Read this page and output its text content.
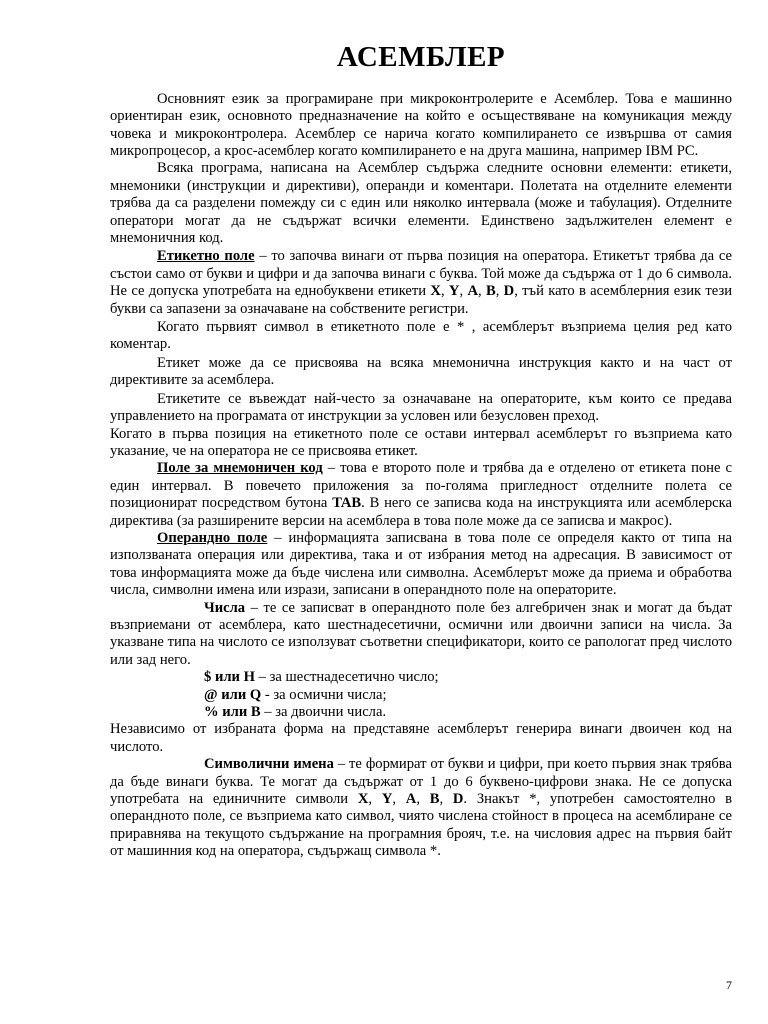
АСЕМБЛЕР

Основният език за програмиране при микроконтролерите е Асемблер. Това е машинно ориентиран език, основното предназначение на който е осъществяване на комуникация между човека и микроконтролера. Асемблер се нарича когато компилирането се извършва от самия микропроцесор, а крос-асемблер когато компилирането е на друга машина, например IBM PC.

Всяка програма, написана на Асемблер съдържа следните основни елементи: етикети, мнемоники (инструкции и директиви), операнди и коментари. Полетата на отделните елементи трябва да са разделени помежду си с един или няколко интервала (може и табулация). Отделните оператори могат да не съдържат всички елементи. Единствено задължителен елемент е мнемоничния код.

Етикетно поле – то започва винаги от първа позиция на оператора. Етикетът трябва да се състои само от букви и цифри и да започва винаги с буква. Той може да съдържа от 1 до 6 символа. Не се допуска употребата на еднобуквени етикети X, Y, A, B, D, тъй като в асемблерния език тези букви са запазени за означаване на собствените регистри.

Когато първият символ в етикетното поле е * , асемблерът възприема целия ред като коментар.

Етикет може да се присвоява на всяка мнемонична инструкция както и на част от директивите за асемблера.

Етикетите се въвеждат най-често за означаване на операторите, към които се предава управлението на програмата от инструкции за условен или безусловен преход.

Когато в първа позиция на етикетното поле се остави интервал асемблерът го възприема като указание, че на оператора не се присвоява етикет.

Поле за мнемоничен код – това е второто поле и трябва да е отделено от етикета поне с един интервал. В повечето приложения за по-голяма пригледност отделните полета се позиционират посредством бутона TAB. В него се записва кода на инструкцията или асемблерска директива (за разширените версии на асемблера в това поле може да се записва и макрос).

Операндно поле – информацията записвана в това поле се определя както от типа на използваната операция или директива, така и от избрания метод на адресация. В зависимост от това информацията може да бъде числена или символна. Асемблерът може да приема и обработва числа, символни имена или изрази, записани в операндното поле на операторите.

Числа – те се записват в операндното поле без алгебричен знак и могат да бъдат възприемани от асемблера, като шестнадесетични, осмични или двоични записи на числа. За указване типа на числото се използуват съответни спецификатори, които се рапологат пред числото или зад него.

$ или H – за шестнадесетично число;

@ или Q - за осмични числа;

% или B – за двоични числа.

Независимо от избраната форма на представяне асемблерът генерира винаги двоичен код на числото.

Символични имена – те формират от букви и цифри, при което първия знак трябва да бъде винаги буква. Те могат да съдържат от 1 до 6 буквено-цифрови знака. Не се допуска употребата на единичните символи X, Y, A, B, D. Знакът *, употребен самостоятелно в операндното поле, се възприема като символ, чиято числена стойност в процеса на асемблиране се приравнява на текущото съдържание на програмния брояч, т.е. на числовия адрес на първия байт от машинния код на оператора, съдържащ символа *.

7
